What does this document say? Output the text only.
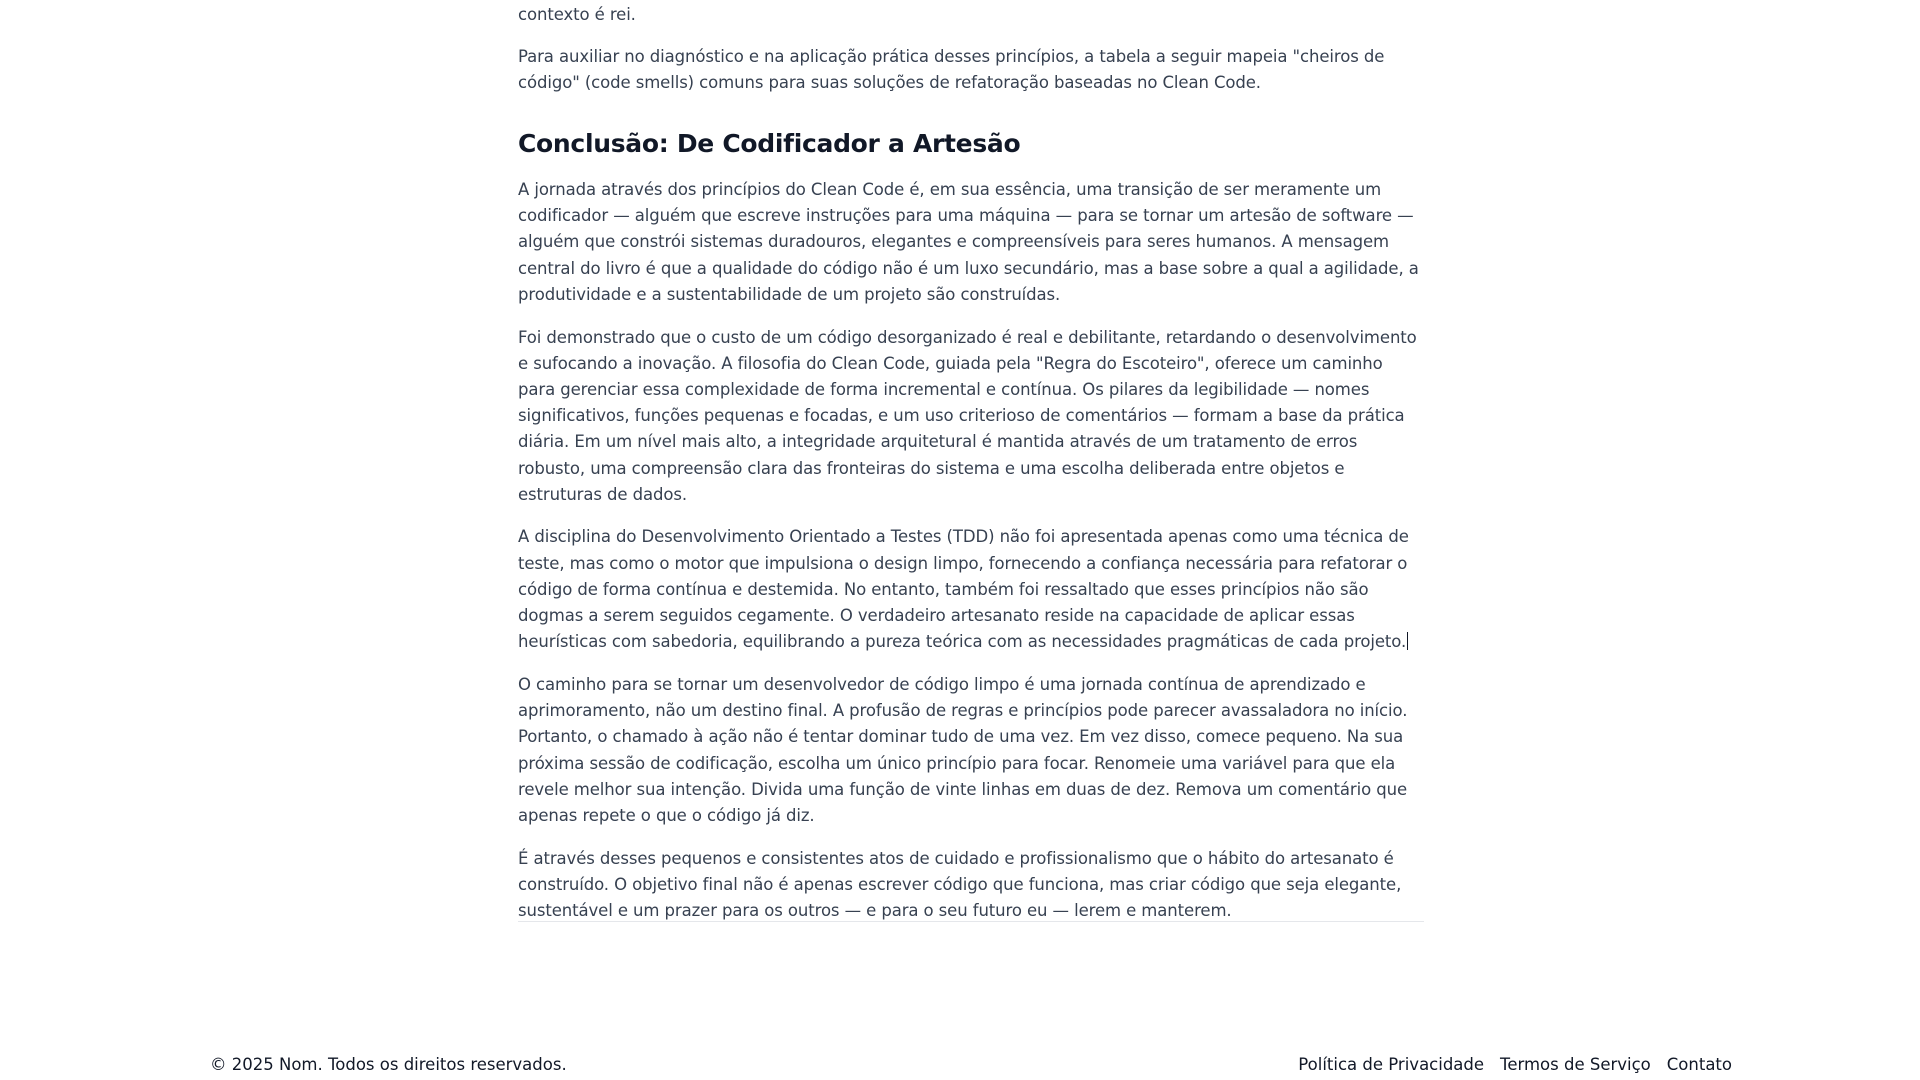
contexto é rei.

Para auxiliar no diagnóstico e na aplicação prática desses princípios, a tabela a seguir mapeia "cheiros de código" (code smells) comuns para suas soluções de refatoração baseadas no Clean Code.

Conclusão: De Codificador a Artesão

A jornada através dos princípios do Clean Code é, em sua essência, uma transição de ser meramente um codificador — alguém que escreve instruções para uma máquina — para se tornar um artesão de software — alguém que constrói sistemas duradouros, elegantes e compreensíveis para seres humanos. A mensagem central do livro é que a qualidade do código não é um luxo secundário, mas a base sobre a qual a agilidade, a produtividade e a sustentabilidade de um projeto são construídas.

Foi demonstrado que o custo de um código desorganizado é real e debilitante, retardando o desenvolvimento e sufocando a inovação. A filosofia do Clean Code, guiada pela "Regra do Escoteiro", oferece um caminho para gerenciar essa complexidade de forma incremental e contínua. Os pilares da legibilidade — nomes significativos, funções pequenas e focadas, e um uso criterioso de comentários — formam a base da prática diária. Em um nível mais alto, a integridade arquitetural é mantida através de um tratamento de erros robusto, uma compreensão clara das fronteiras do sistema e uma escolha deliberada entre objetos e estruturas de dados.

A disciplina do Desenvolvimento Orientado a Testes (TDD) não foi apresentada apenas como uma técnica de teste, mas como o motor que impulsiona o design limpo, fornecendo a confiança necessária para refatorar o código de forma contínua e destemida. No entanto, também foi ressaltado que esses princípios não são dogmas a serem seguidos cegamente. O verdadeiro artesanato reside na capacidade de aplicar essas heurísticas com sabedoria, equilibrando a pureza teórica com as necessidades pragmáticas de cada projeto.

O caminho para se tornar um desenvolvedor de código limpo é uma jornada contínua de aprendizado e aprimoramento, não um destino final. A profusão de regras e princípios pode parecer avassaladora no início. Portanto, o chamado à ação não é tentar dominar tudo de uma vez. Em vez disso, comece pequeno. Na sua próxima sessão de codificação, escolha um único princípio para focar. Renomeie uma variável para que ela revele melhor sua intenção. Divida uma função de vinte linhas em duas de dez. Remova um comentário que apenas repete o que o código já diz.

É através desses pequenos e consistentes atos de cuidado e profissionalismo que o hábito do artesanato é construído. O objetivo final não é apenas escrever código que funciona, mas criar código que seja elegante, sustentável e um prazer para os outros — e para o seu futuro eu — lerem e manterem.

© 2025 Nom. Todos os direitos reservados.	Política de Privacidade Termos de Serviço Contato
